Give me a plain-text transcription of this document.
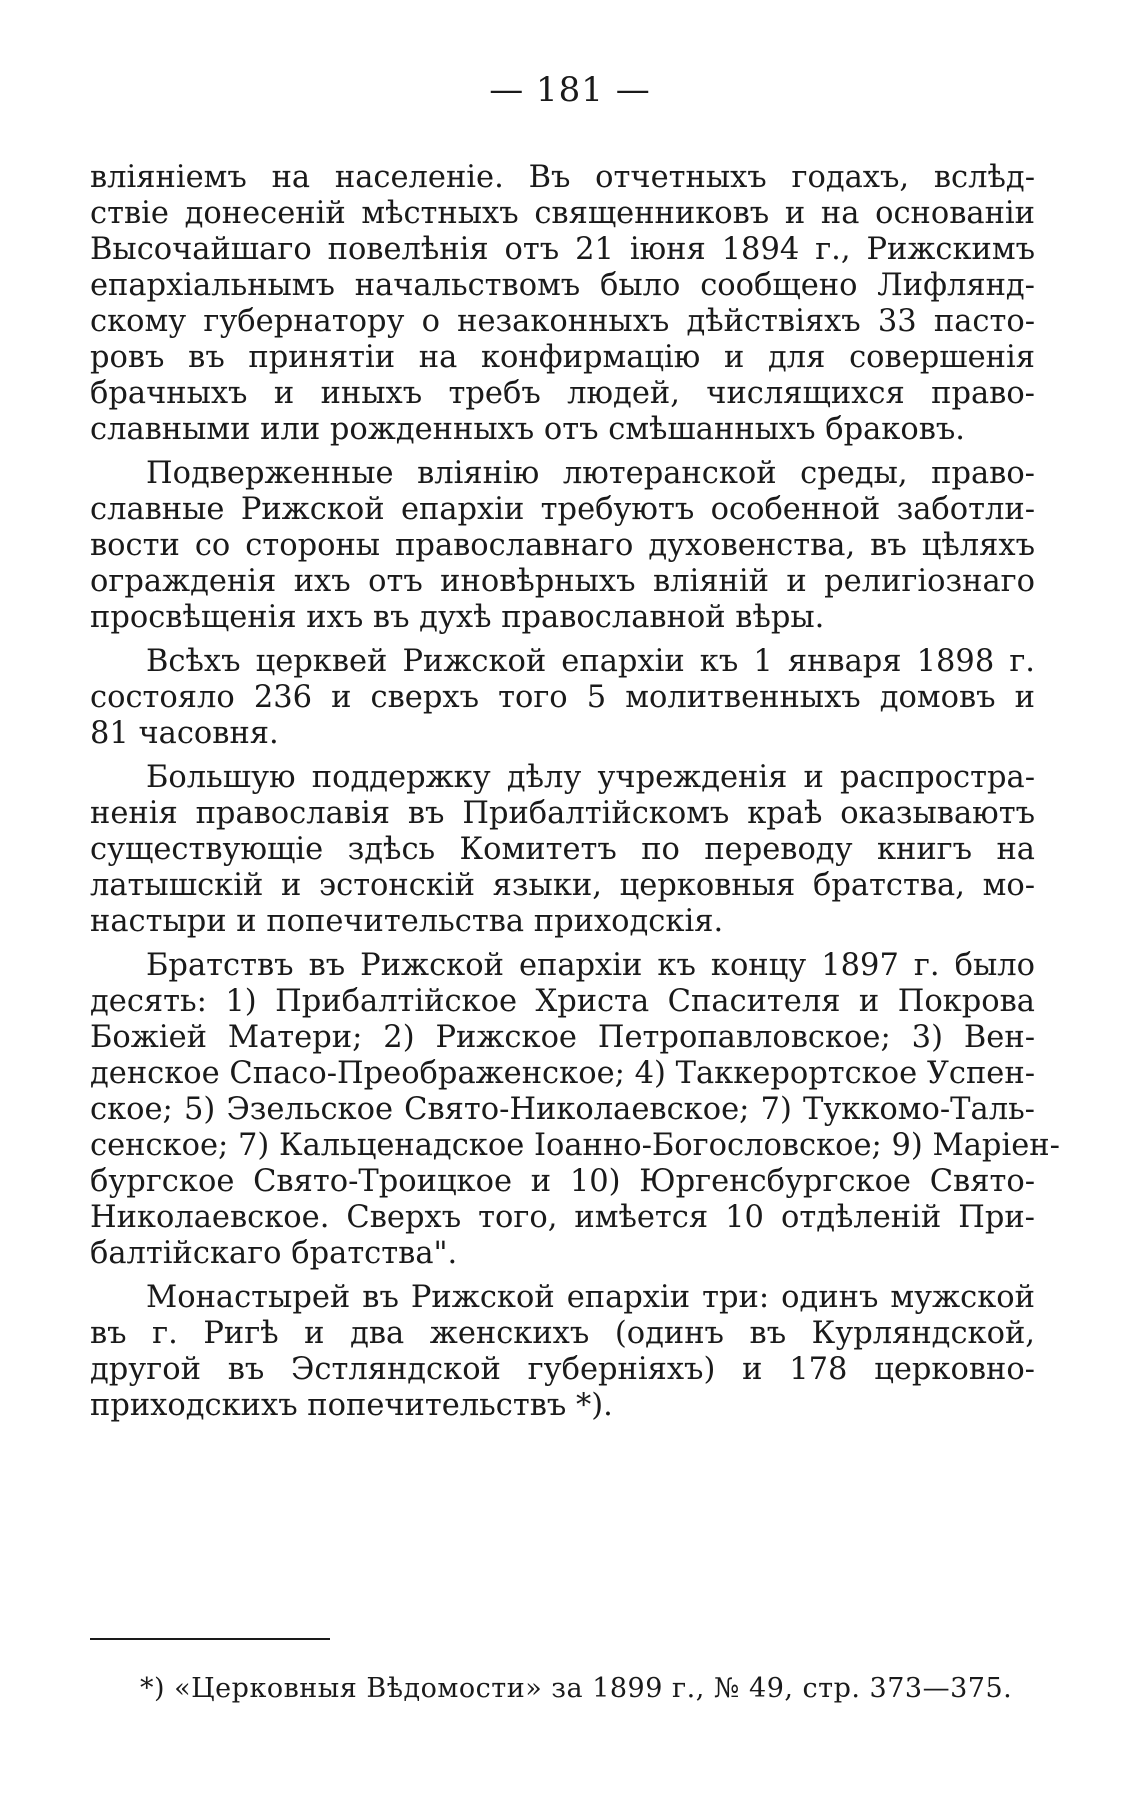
— 181 —
вліяніемъ на населеніе. Въ отчетныхъ годахъ, вслѣд-
ствіе донесеній мѣстныхъ священниковъ и на основаніи
Высочайшаго повелѣнія отъ 21 іюня 1894 г., Рижскимъ
епархіальнымъ начальствомъ было сообщено Лифлянд-
скому губернатору о незаконныхъ дѣйствіяхъ 33 пасто-
ровъ въ принятіи на конфирмацію и для совершенія
брачныхъ и иныхъ требъ людей, числящихся право-
славными или рожденныхъ отъ смѣшанныхъ браковъ.
Подверженные вліянію лютеранской среды, право-
славные Рижской епархіи требуютъ особенной заботли-
вости со стороны православнаго духовенства, въ цѣляхъ
огражденія ихъ отъ иновѣрныхъ вліяній и религіознаго
просвѣщенія ихъ въ духѣ православной вѣры.
Всѣхъ церквей Рижской епархіи къ 1 января 1898 г.
состояло 236 и сверхъ того 5 молитвенныхъ домовъ и
81 часовня.
Большую поддержку дѣлу учрежденія и распростра-
ненія православія въ Прибалтійскомъ краѣ оказываютъ
существующіе здѣсь Комитетъ по переводу книгъ на
латышскій и эстонскій языки, церковныя братства, мо-
настыри и попечительства приходскія.
Братствъ въ Рижской епархіи къ концу 1897 г. было
десять: 1) Прибалтійское Христа Спасителя и Покрова
Божіей Матери; 2) Рижское Петропавловское; 3) Вен-
денское Спасо-Преображенское; 4) Таккерортское Успен-
ское; 5) Эзельское Свято-Николаевское; 7) Туккомо-Таль-
сенское; 7) Кальценадское Іоанно-Богословское; 9) Маріен-
бургское Свято-Троицкое и 10) Юргенсбургское Свято-
Николаевское. Сверхъ того, имѣется 10 отдѣленій При-
балтійскаго братства".
Монастырей въ Рижской епархіи три: одинъ мужской
въ г. Ригѣ и два женскихъ (одинъ въ Курляндской,
другой въ Эстляндской губерніяхъ) и 178 церковно-
приходскихъ попечительствъ *).
*) «Церковныя Вѣдомости» за 1899 г., № 49, стр. 373—375.
